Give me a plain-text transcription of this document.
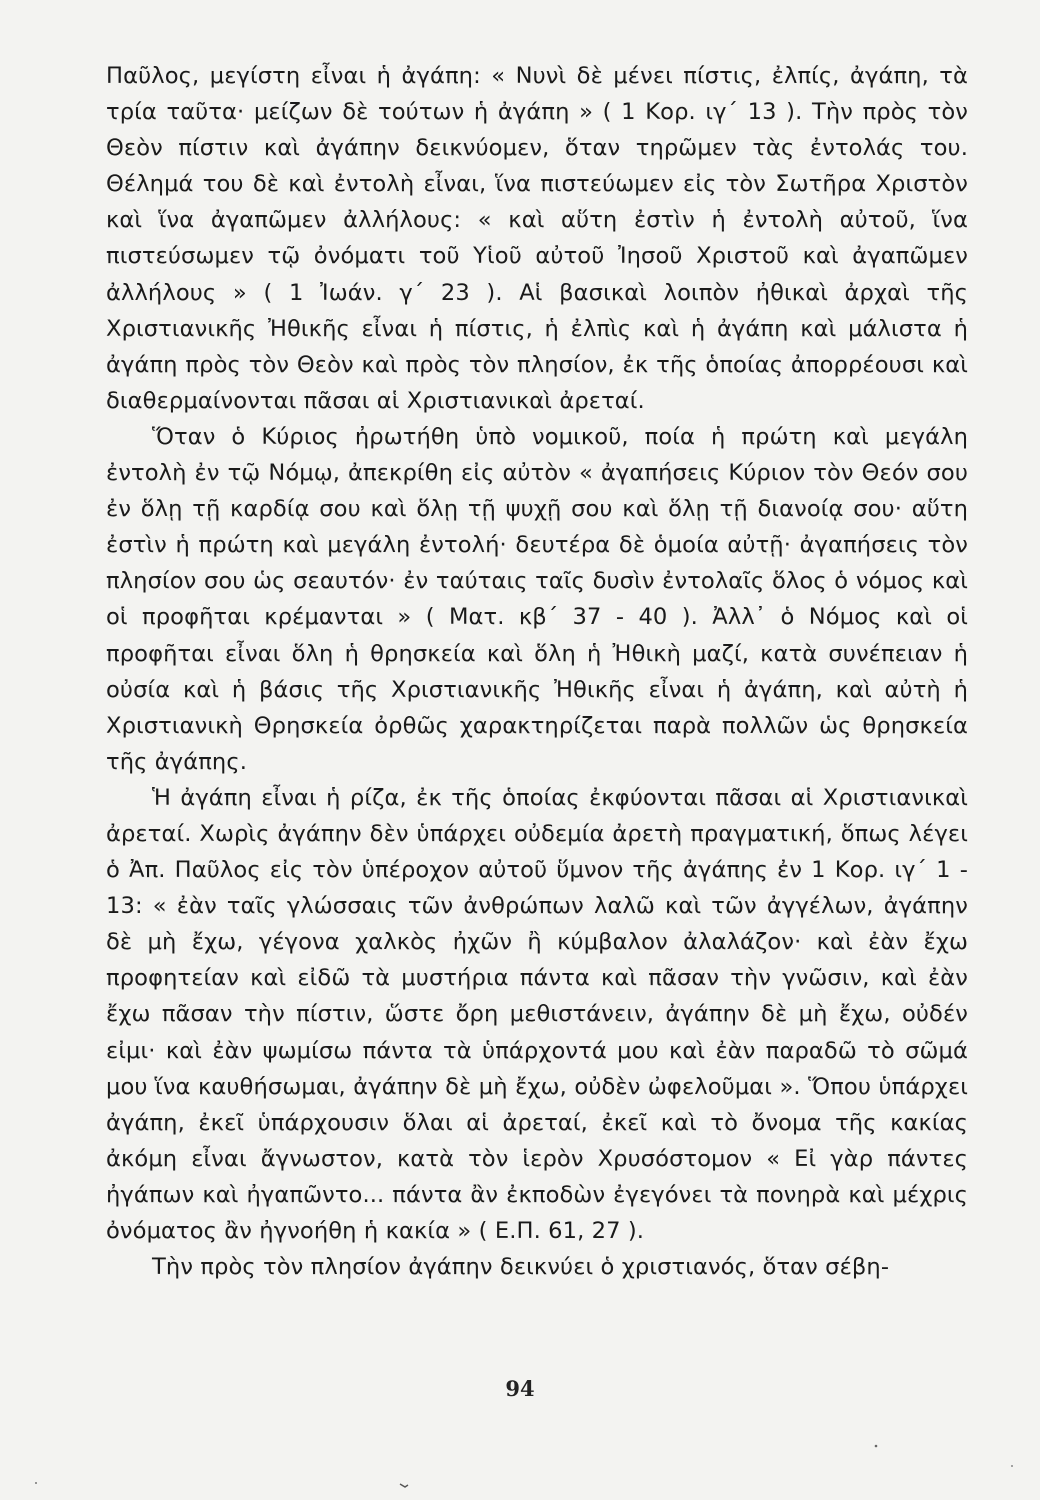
Παῦλος, μεγίστη εἶναι ἡ ἀγάπη: « Νυνὶ δὲ μένει πίστις, ἐλπίς, ἀγάπη, τὰ τρία ταῦτα· μείζων δὲ τούτων ἡ ἀγάπη » ( 1 Κορ. ιγ΄ 13 ). Τὴν πρὸς τὸν Θεὸν πίστιν καὶ ἀγάπην δεικνύομεν, ὅταν τηρῶμεν τὰς ἐντολάς του. Θέλημά του δὲ καὶ ἐντολὴ εἶναι, ἵνα πιστεύωμεν εἰς τὸν Σωτῆρα Χριστὸν καὶ ἵνα ἀγαπῶμεν ἀλλήλους: « καὶ αὕτη ἐστὶν ἡ ἐντολὴ αὐτοῦ, ἵνα πιστεύσωμεν τῷ ὀνόματι τοῦ Υἱοῦ αὐτοῦ Ἰησοῦ Χριστοῦ καὶ ἀγαπῶμεν ἀλλήλους » ( 1 Ἰωάν. γ΄ 23 ). Αἱ βασικαὶ λοιπὸν ἠθικαὶ ἀρχαὶ τῆς Χριστιανικῆς Ἠθικῆς εἶναι ἡ πίστις, ἡ ἐλπὶς καὶ ἡ ἀγάπη καὶ μάλιστα ἡ ἀγάπη πρὸς τὸν Θεὸν καὶ πρὸς τὸν πλησίον, ἐκ τῆς ὁποίας ἀπορρέουσι καὶ διαθερμαίνονται πᾶσαι αἱ Χριστιανικαὶ ἀρεταί.

Ὅταν ὁ Κύριος ἠρωτήθη ὑπὸ νομικοῦ, ποία ἡ πρώτη καὶ μεγάλη ἐντολὴ ἐν τῷ Νόμῳ, ἀπεκρίθη εἰς αὐτὸν « ἀγαπήσεις Κύριον τὸν Θεόν σου ἐν ὅλῃ τῇ καρδίᾳ σου καὶ ὅλῃ τῇ ψυχῇ σου καὶ ὅλῃ τῇ διανοίᾳ σου· αὕτη ἐστὶν ἡ πρώτη καὶ μεγάλη ἐντολή· δευτέρα δὲ ὁμοία αὐτῇ· ἀγαπήσεις τὸν πλησίον σου ὡς σεαυτόν· ἐν ταύταις ταῖς δυσὶν ἐντολαῖς ὅλος ὁ νόμος καὶ οἱ προφῆται κρέμανται » ( Ματ. κβ΄ 37 - 40 ). Ἀλλ᾽ ὁ Νόμος καὶ οἱ προφῆται εἶναι ὅλη ἡ θρησκεία καὶ ὅλη ἡ Ἠθικὴ μαζί, κατὰ συνέπειαν ἡ οὐσία καὶ ἡ βάσις τῆς Χριστιανικῆς Ἠθικῆς εἶναι ἡ ἀγάπη, καὶ αὐτὴ ἡ Χριστιανικὴ Θρησκεία ὀρθῶς χαρακτηρίζεται παρὰ πολλῶν ὡς θρησκεία τῆς ἀγάπης.

Ἡ ἀγάπη εἶναι ἡ ρίζα, ἐκ τῆς ὁποίας ἐκφύονται πᾶσαι αἱ Χριστιανικαὶ ἀρεταί. Χωρὶς ἀγάπην δὲν ὑπάρχει οὐδεμία ἀρετὴ πραγματική, ὅπως λέγει ὁ Ἀπ. Παῦλος εἰς τὸν ὑπέροχον αὐτοῦ ὕμνον τῆς ἀγάπης ἐν 1 Κορ. ιγ΄ 1 - 13: « ἐὰν ταῖς γλώσσαις τῶν ἀνθρώπων λαλῶ καὶ τῶν ἀγγέλων, ἀγάπην δὲ μὴ ἔχω, γέγονα χαλκὸς ἠχῶν ἢ κύμβαλον ἀλαλάζον· καὶ ἐὰν ἔχω προφητείαν καὶ εἰδῶ τὰ μυστήρια πάντα καὶ πᾶσαν τὴν γνῶσιν, καὶ ἐὰν ἔχω πᾶσαν τὴν πίστιν, ὥστε ὄρη μεθιστάνειν, ἀγάπην δὲ μὴ ἔχω, οὐδέν εἰμι· καὶ ἐὰν ψωμίσω πάντα τὰ ὑπάρχοντά μου καὶ ἐὰν παραδῶ τὸ σῶμά μου ἵνα καυθήσωμαι, ἀγάπην δὲ μὴ ἔχω, οὐδὲν ὠφελοῦμαι ». Ὅπου ὑπάρχει ἀγάπη, ἐκεῖ ὑπάρχουσιν ὅλαι αἱ ἀρεταί, ἐκεῖ καὶ τὸ ὄνομα τῆς κακίας ἀκόμη εἶναι ἄγνωστον, κατὰ τὸν ἱερὸν Χρυσόστομον « Εἰ γὰρ πάντες ἠγάπων καὶ ἠγαπῶντο... πάντα ἂν ἐκποδὼν ἐγεγόνει τὰ πονηρὰ καὶ μέχρις ὀνόματος ἂν ἠγνοήθη ἡ κακία » ( Ε.Π. 61, 27 ).

Τὴν πρὸς τὸν πλησίον ἀγάπην δεικνύει ὁ χριστιανός, ὅταν σέβη-

94
